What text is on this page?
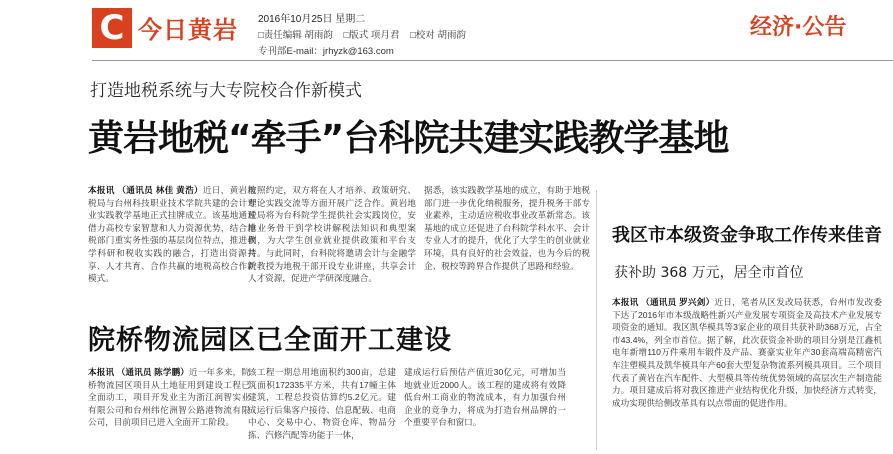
C 今日黄岩 2016年10月25日 星期二
□责任编辑 胡雨韵 □版式 项月君 □校对 胡雨韵
专刊部E-mail：jrhyzk@163.com
经济·公告
打造地税系统与大专院校合作新模式
黄岩地税“牵手”台科院共建实践教学基地
本报讯 （通讯员 林佳 黄浩）近日，黄岩地税局与台州科技职业技术学院共建的会计专业实践教学基地正式挂牌成立。该基地通过借力高校专家智慧和人力资源优势，结合地税部门重实务性强的基层岗位特点，推进教学科研和税收实践的融合，打造出资源共享、人才共育、合作共赢的地税高校合作新模式。
按照约定，双方将在人才培养、政策研究、理论实践交流等方面开展广泛合作。黄岩地税局将为台科院学生提供社会实践岗位，安排业务骨干到学校讲解税法知识和典型案例，为大学生创业就业提供政策和平台支持。与此同时，台科院将邀请会计与金融学院教授为地税干部开设专业讲座，共享会计人才资源，促进产学研深度融合。
据悉，该实践教学基地的成立，有助于地税部门进一步优化纳税服务，提升税务干部专业素养，主动适应税收事业改革新常态。该基地的成立还促进了台科院学科水平、会计专业人才的提升，优化了大学生的创业就业环境，具有良好的社会效益，也为今后的税企、税校等跨界合作提供了思路和经验。
院桥物流园区已全面开工建设
本报讯 （通讯员 陈学鹏）近一年多来，院桥物流园区项目从土地征用到建设工程已全面动工，项目开发业主为浙江润智实业有限公司和台州纬佗洲智公路港物流有限公司，目前项目已进入全面开工阶段。
该工程一期总用地面积约300亩，总建筑面积172335平方米，共有17幢主体建筑，工程总投资估算约5.2亿元。建成运行后集客户接待、信息配载、电商中心、交易中心、物资仓库、物品分拣、汽修汽配等功能于一体，
建成运行后预估产值近30亿元，可增加当地就业近2000人。该工程的建成将有效降低台州工商业的物流成本，有力加强台州企业的竞争力，将成为打造台州品牌的一个重要平台和窗口。
我区市本级资金争取工作传来佳音
获补助 368 万元，居全市首位
本报讯 （通讯员 罗兴剑）近日，笔者从区发改局获悉，台州市发改委下达了2016年市本级战略性新兴产业发展专项资金及高技术产业发展专项资金的通知。我区凯华模具等3家企业的项目共获补助368万元，占全市43.4%，列全市首位。据了解，此次获资金补助的项目分别是江鑫机电年新增110万件乘用车锻件及产品、赛豪实业年产30套高端高精密汽车注塑模具及凯华模具年产60套大型复杂物流系列模具项目。三个项目代表了黄岩在汽车配件、大型模具等传统优势领域的高层次生产制造能力。项目建成后将对我区推进产业结构优化升级，加快经济方式转变，成功实现供给侧改革具有以点带面的促进作用。
